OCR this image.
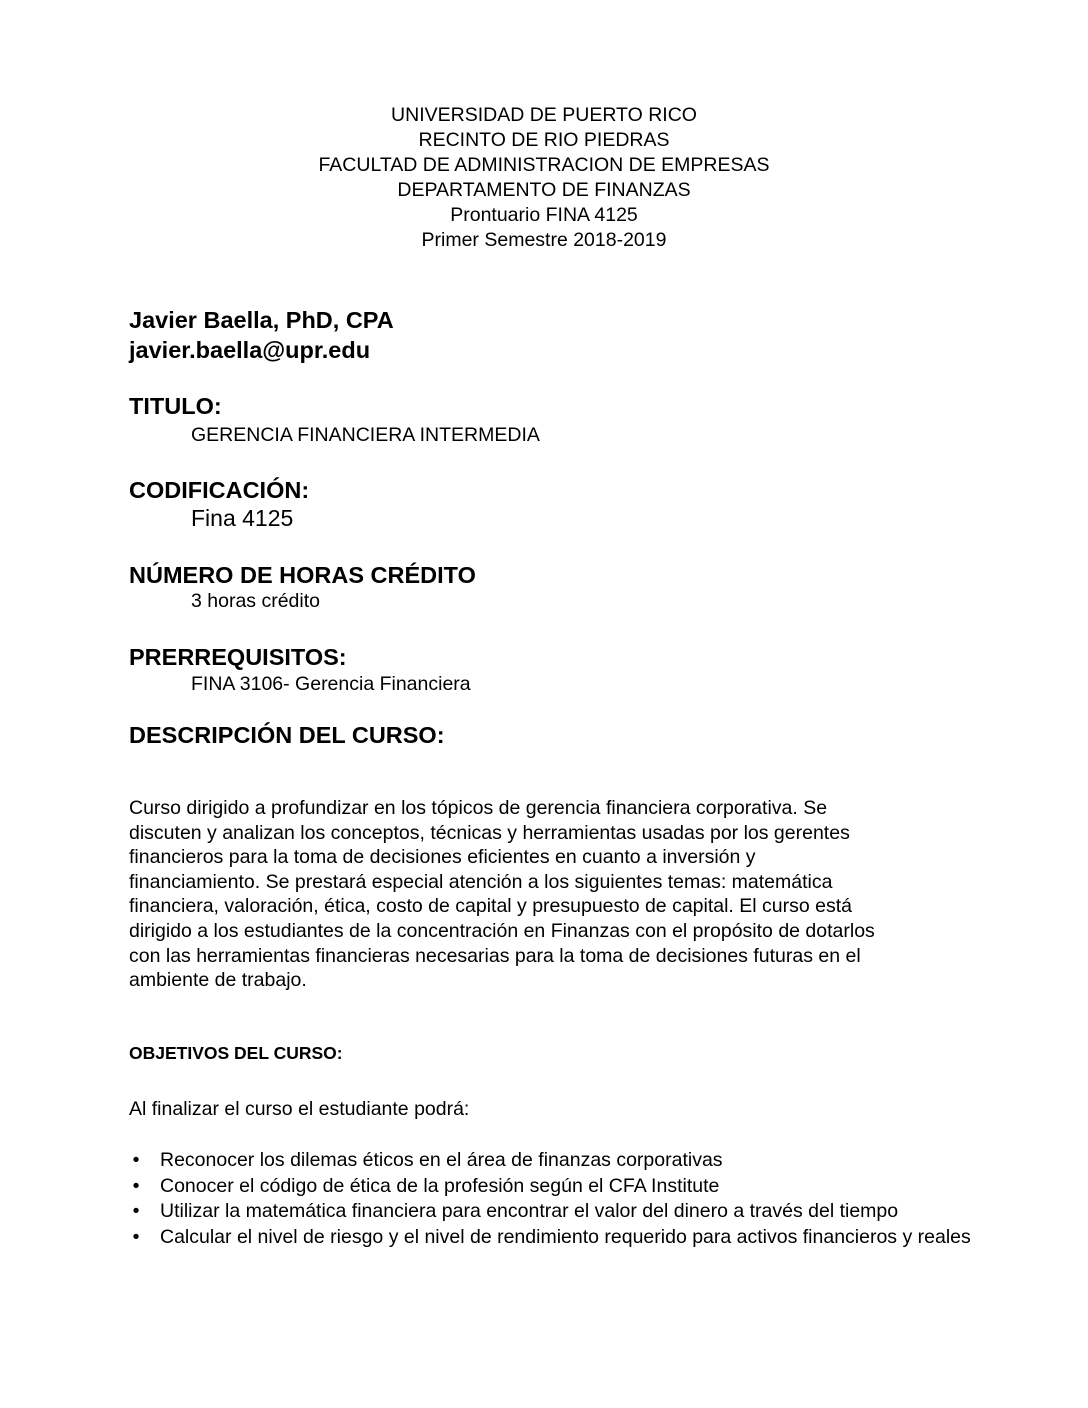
UNIVERSIDAD DE PUERTO RICO
RECINTO DE RIO PIEDRAS
FACULTAD DE ADMINISTRACION DE EMPRESAS
DEPARTAMENTO DE FINANZAS
Prontuario FINA 4125
Primer Semestre 2018-2019
Javier Baella, PhD, CPA
javier.baella@upr.edu
TITULO:
GERENCIA FINANCIERA INTERMEDIA
CODIFICACIÓN:
Fina 4125
NÚMERO DE HORAS CRÉDITO
3 horas crédito
PRERREQUISITOS:
FINA 3106- Gerencia Financiera
DESCRIPCIÓN DEL CURSO:
Curso dirigido a profundizar en los tópicos de gerencia financiera corporativa. Se
discuten y analizan los conceptos, técnicas y herramientas usadas por los gerentes
financieros para la toma de decisiones eficientes en cuanto a inversión y
financiamiento. Se prestará especial atención a los siguientes temas: matemática
financiera, valoración, ética, costo de capital y presupuesto de capital. El curso está
dirigido a los estudiantes de la concentración en Finanzas con el propósito de dotarlos
con las herramientas financieras necesarias para la toma de decisiones futuras en el
ambiente de trabajo.
OBJETIVOS DEL CURSO:
Al finalizar el curso el estudiante podrá:
• Reconocer los dilemas éticos en el área de finanzas corporativas
• Conocer el código de ética de la profesión según el CFA Institute
• Utilizar la matemática financiera para encontrar el valor del dinero a través del tiempo
• Calcular el nivel de riesgo y el nivel de rendimiento requerido para activos financieros y reales
